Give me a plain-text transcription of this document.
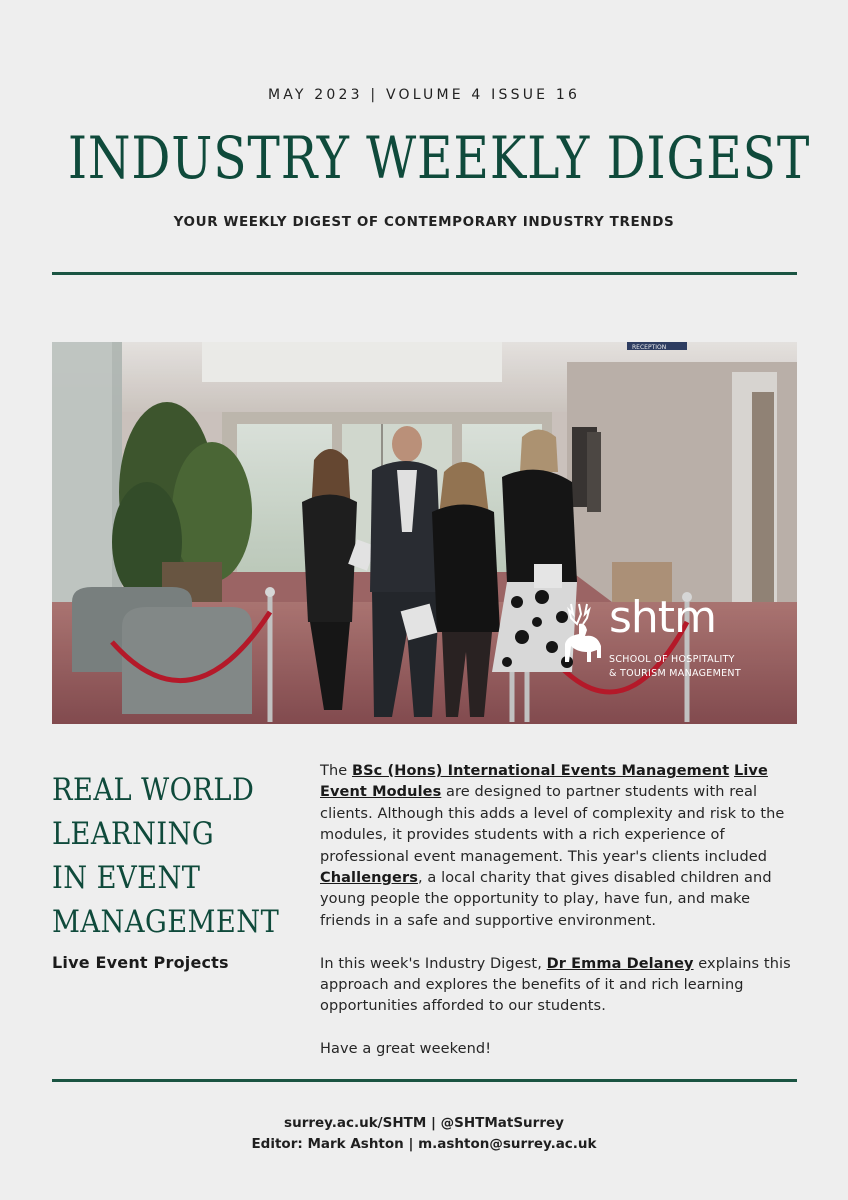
MAY 2023 | VOLUME 4 ISSUE 16
INDUSTRY WEEKLY DIGEST
YOUR WEEKLY DIGEST OF CONTEMPORARY INDUSTRY TRENDS
RECEPTION
shtm
SCHOOL OF HOSPITALITY
& TOURISM MANAGEMENT
REAL WORLD
LEARNING
IN EVENT
MANAGEMENT
Live Event Projects

The BSc (Hons) International Events Management Live Event Modules are designed to partner students with real clients. Although this adds a level of complexity and risk to the modules, it provides students with a rich experience of professional event management. This year's clients included Challengers, a local charity that gives disabled children and young people the opportunity to play, have fun, and make friends in a safe and supportive environment.

In this week's Industry Digest, Dr Emma Delaney explains this approach and explores the benefits of it and rich learning opportunities afforded to our students.

Have a great weekend!

surrey.ac.uk/SHTM | @SHTMatSurrey
Editor: Mark Ashton | m.ashton@surrey.ac.uk
